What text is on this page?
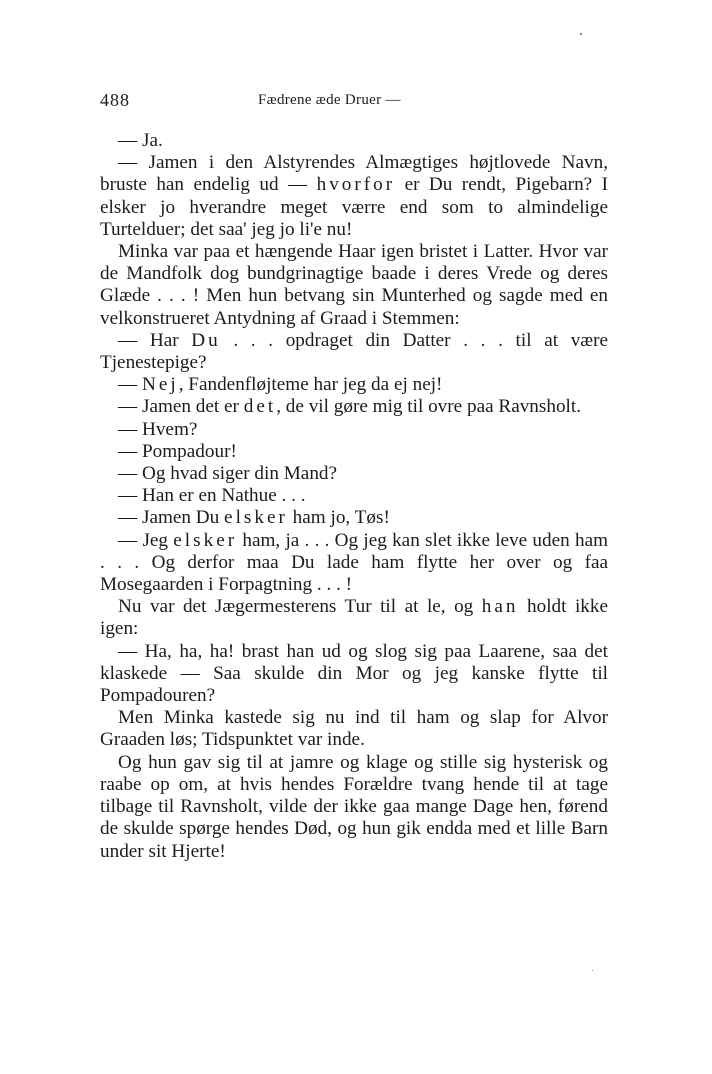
488	Fædrene æde Druer —

— Ja.

— Jamen i den Alstyrendes Almægtiges højtlovede Navn, bruste han endelig ud — hvorfor er Du rendt, Pigebarn? I elsker jo hverandre meget værre end som to almindelige Turtelduer; det saa' jeg jo li'e nu!

Minka var paa et hængende Haar igen bristet i Latter. Hvor var de Mandfolk dog bundgrinagtige baade i deres Vrede og deres Glæde . . . ! Men hun betvang sin Munterhed og sagde med en velkonstrueret Antydning af Graad i Stemmen:

— Har Du . . . opdraget din Datter . . . til at være Tjenestepige?

— Nej, Fandenfløjteme har jeg da ej nej!

— Jamen det er det, de vil gøre mig til ovre paa Ravnsholt.

— Hvem?

— Pompadour!

— Og hvad siger din Mand?

— Han er en Nathue . . .

— Jamen Du elsker ham jo, Tøs!

— Jeg elsker ham, ja . . . Og jeg kan slet ikke leve uden ham . . . Og derfor maa Du lade ham flytte her over og faa Mosegaarden i Forpagtning . . . !

Nu var det Jægermesterens Tur til at le, og han holdt ikke igen:

— Ha, ha, ha! brast han ud og slog sig paa Laarene, saa det klaskede — Saa skulde din Mor og jeg kanske flytte til Pompadouren?

Men Minka kastede sig nu ind til ham og slap for Alvor Graaden løs; Tidspunktet var inde.

Og hun gav sig til at jamre og klage og stille sig hysterisk og raabe op om, at hvis hendes Forældre tvang hende til at tage tilbage til Ravnsholt, vilde der ikke gaa mange Dage hen, førend de skulde spørge hendes Død, og hun gik endda med et lille Barn under sit Hjerte!
